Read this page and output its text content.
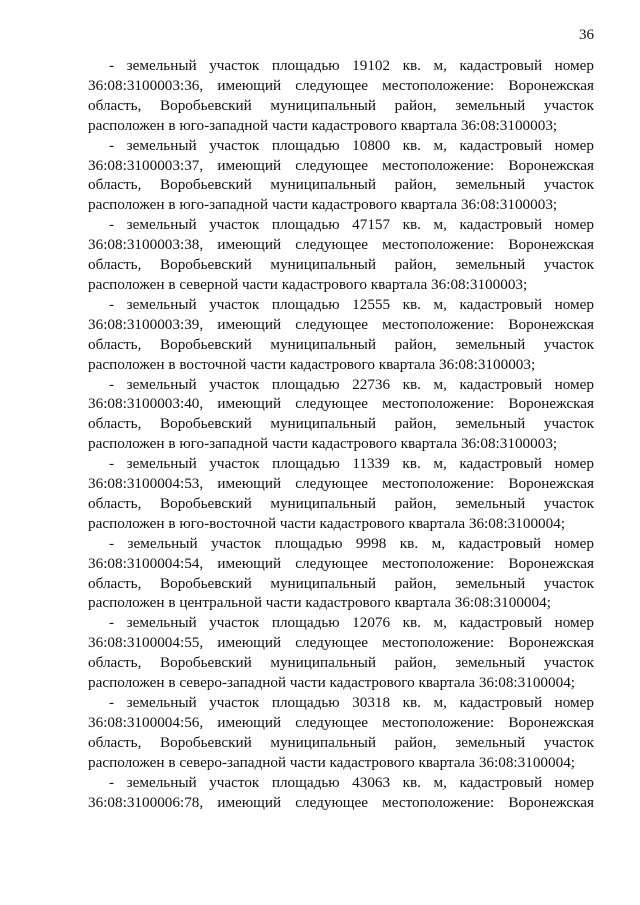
36
- земельный участок площадью 19102 кв. м, кадастровый номер
36:08:3100003:36, имеющий следующее местоположение: Воронежская
область, Воробьевский муниципальный район, земельный участок
расположен в юго-западной части кадастрового квартала 36:08:3100003;
- земельный участок площадью 10800 кв. м, кадастровый номер
36:08:3100003:37, имеющий следующее местоположение: Воронежская
область, Воробьевский муниципальный район, земельный участок
расположен в юго-западной части кадастрового квартала 36:08:3100003;
- земельный участок площадью 47157 кв. м, кадастровый номер
36:08:3100003:38, имеющий следующее местоположение: Воронежская
область, Воробьевский муниципальный район, земельный участок
расположен в северной части кадастрового квартала 36:08:3100003;
- земельный участок площадью 12555 кв. м, кадастровый номер
36:08:3100003:39, имеющий следующее местоположение: Воронежская
область, Воробьевский муниципальный район, земельный участок
расположен в восточной части кадастрового квартала 36:08:3100003;
- земельный участок площадью 22736 кв. м, кадастровый номер
36:08:3100003:40, имеющий следующее местоположение: Воронежская
область, Воробьевский муниципальный район, земельный участок
расположен в юго-западной части кадастрового квартала 36:08:3100003;
- земельный участок площадью 11339 кв. м, кадастровый номер
36:08:3100004:53, имеющий следующее местоположение: Воронежская
область, Воробьевский муниципальный район, земельный участок
расположен в юго-восточной части кадастрового квартала 36:08:3100004;
- земельный участок площадью 9998 кв. м, кадастровый номер
36:08:3100004:54, имеющий следующее местоположение: Воронежская
область, Воробьевский муниципальный район, земельный участок
расположен в центральной части кадастрового квартала 36:08:3100004;
- земельный участок площадью 12076 кв. м, кадастровый номер
36:08:3100004:55, имеющий следующее местоположение: Воронежская
область, Воробьевский муниципальный район, земельный участок
расположен в северо-западной части кадастрового квартала 36:08:3100004;
- земельный участок площадью 30318 кв. м, кадастровый номер
36:08:3100004:56, имеющий следующее местоположение: Воронежская
область, Воробьевский муниципальный район, земельный участок
расположен в северо-западной части кадастрового квартала 36:08:3100004;
- земельный участок площадью 43063 кв. м, кадастровый номер
36:08:3100006:78, имеющий следующее местоположение: Воронежская
